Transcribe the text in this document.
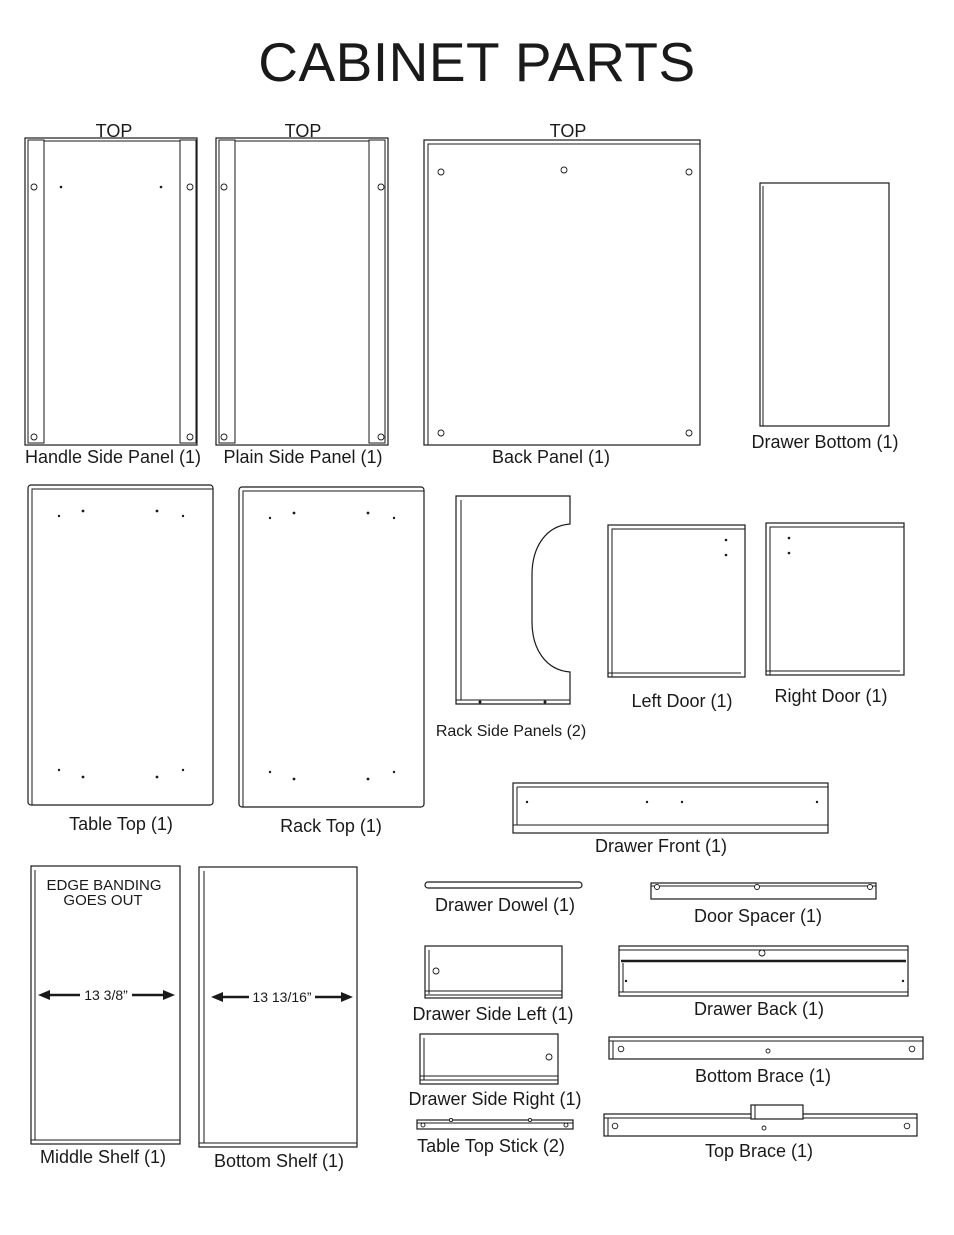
CABINET PARTS
TOP	TOP	TOP
Handle Side Panel (1) Plain Side Panel (1)	Back Panel (1)
Drawer Bottom (1)
Table Top (1)	Rack Top (1)
Rack Side Panels (2)
Left Door (1) Right Door (1)
Drawer Front (1)
Middle Shelf (1)	Bottom Shelf (1)
Drawer Dowel (1)
Door Spacer (1)
Drawer Side Left (1)	Drawer Back (1)
Drawer Side Right (1)
Bottom Brace (1)
Table Top Stick (2)	Top Brace (1)
EDGE BANDING
GOES OUT
13 3/8”	13 13/16”
